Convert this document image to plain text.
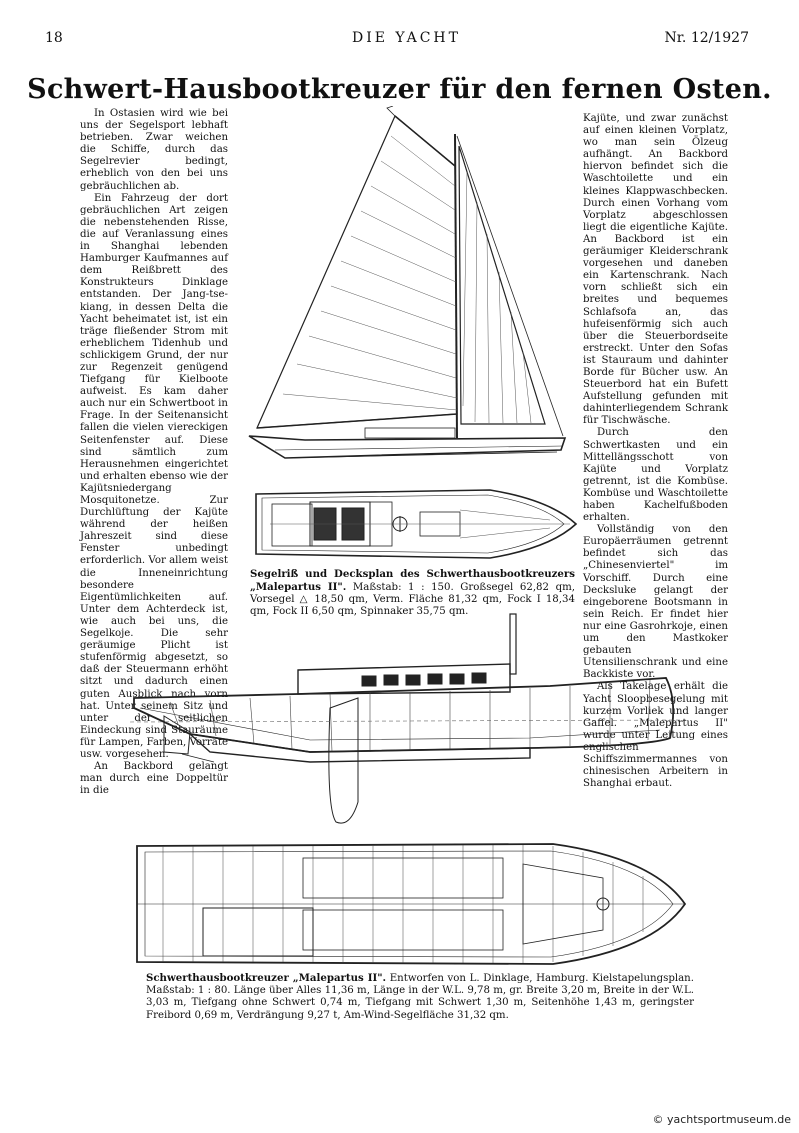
18	DIE YACHT	Nr. 12/1927
Schwert-Hausbootkreuzer für den fernen Osten.

In Ostasien wird wie bei uns der Segelsport lebhaft betrieben. Zwar weichen die Schiffe, durch das Segelrevier bedingt, erheblich von den bei uns gebräuchlichen ab.

Ein Fahrzeug der dort gebräuchlichen Art zeigen die nebenstehenden Risse, die auf Veranlassung eines in Shanghai lebenden Hamburger Kaufmannes auf dem Reißbrett des Konstrukteurs Dinklage entstanden. Der Jang-tse-kiang, in dessen Delta die Yacht beheimatet ist, ist ein träge fließender Strom mit erheblichem Tidenhub und schlickigem Grund, der nur zur Regenzeit genügend Tiefgang für Kielboote aufweist. Es kam daher auch nur ein Schwertboot in Frage. In der Seitenansicht fallen die vielen viereckigen Seitenfenster auf. Diese sind sämtlich zum Herausnehmen eingerichtet und erhalten ebenso wie der Kajütsniedergang Mosquitonetze. Zur Durchlüftung der Kajüte während der heißen Jahreszeit sind diese Fenster unbedingt erforderlich. Vor allem weist die Inneneinrichtung besondere Eigentümlichkeiten auf. Unter dem Achterdeck ist, wie auch bei uns, die Segelkoje. Die sehr geräumige Plicht ist stufenförmig abgesetzt, so daß der Steuermann erhöht sitzt und dadurch einen guten Ausblick nach vorn hat. Unter seinem Sitz und unter der seitlichen Eindeckung sind Stauräume für Lampen, Farben, Vorräte usw. vorgesehen.

An Backbord gelangt man durch eine Doppeltür in die

Kajüte, und zwar zunächst auf einen kleinen Vorplatz, wo man sein Ölzeug aufhängt. An Backbord hiervon befindet sich die Waschtoilette und ein kleines Klappwaschbecken. Durch einen Vorhang vom Vorplatz abgeschlossen liegt die eigentliche Kajüte. An Backbord ist ein geräumiger Kleiderschrank vorgesehen und daneben ein Kartenschrank. Nach vorn schließt sich ein breites und bequemes Schlafsofa an, das hufeisenförmig sich auch über die Steuerbordseite erstreckt. Unter den Sofas ist Stauraum und dahinter Borde für Bücher usw. An Steuerbord hat ein Bufett Aufstellung gefunden mit dahinterliegendem Schrank für Tischwäsche.

Durch den Schwertkasten und ein Mittellängsschott von Kajüte und Vorplatz getrennt, ist die Kombüse. Kombüse und Waschtoilette haben Kachelfußboden erhalten.

Vollständig von den Europäerräumen getrennt befindet sich das „Chinesenviertel" im Vorschiff. Durch eine Decksluke gelangt der eingeborene Bootsmann in sein Reich. Er findet hier nur eine Gasrohrkoje, einen um den Mastkoker gebauten Utensilienschrank und eine Backkiste vor.

Als Takelage erhält die Yacht Sloopbesegelung mit kurzem Vorliek und langer Gaffel. „Malepartus II" wurde unter Leitung eines englischen Schiffszimmermannes von chinesischen Arbeitern in Shanghai erbaut.

Segelriß und Decksplan des Schwerthausbootkreuzers „Malepartus II". Maßstab: 1 : 150. Großsegel 62,82 qm, Vorsegel △ 18,50 qm, Verm. Fläche 81,32 qm, Fock I 18,34 qm, Fock II 6,50 qm, Spinnaker 35,75 qm.
Schwerthausbootkreuzer „Malepartus II". Entworfen von L. Dinklage, Hamburg. Kielstapelungsplan. Maßstab: 1 : 80. Länge über Alles 11,36 m, Länge in der W.L. 9,78 m, gr. Breite 3,20 m, Breite in der W.L. 3,03 m, Tiefgang ohne Schwert 0,74 m, Tiefgang mit Schwert 1,30 m, Seitenhöhe 1,43 m, geringster Freibord 0,69 m, Verdrängung 9,27 t, Am-Wind-Segelfläche 31,32 qm.
© yachtsportmuseum.de
